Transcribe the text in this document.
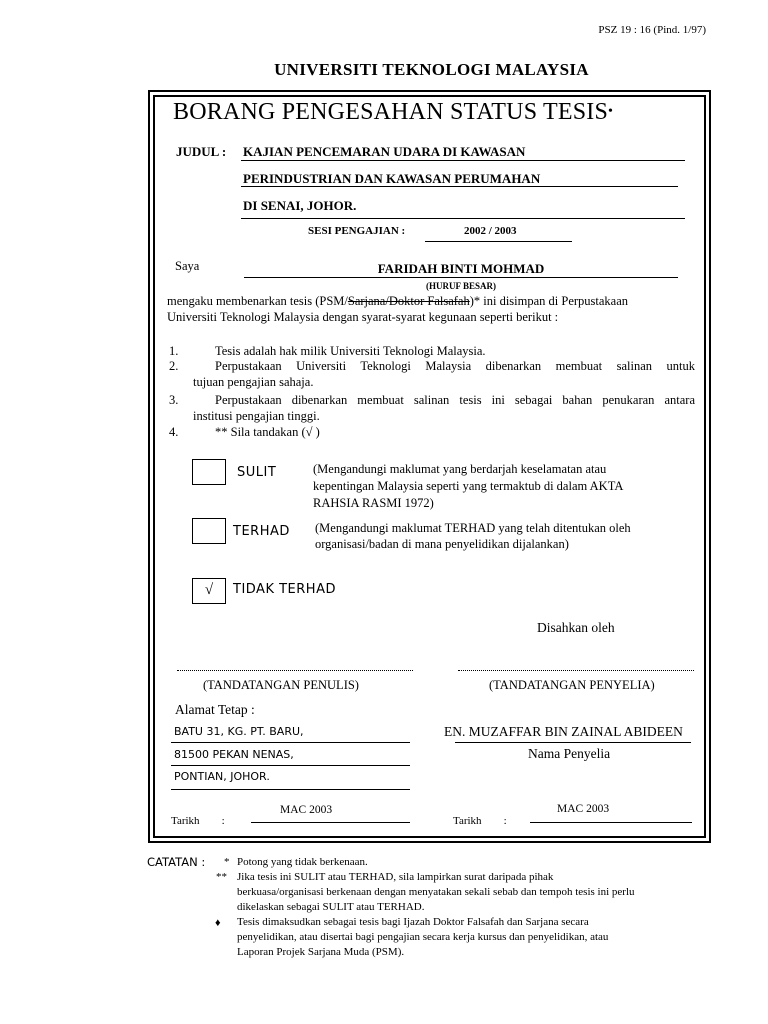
PSZ 19 : 16 (Pind. 1/97)
UNIVERSITI TEKNOLOGI MALAYSIA
BORANG PENGESAHAN STATUS TESIS•
JUDUL : KAJIAN PENCEMARAN UDARA DI KAWASAN
PERINDUSTRIAN DAN KAWASAN PERUMAHAN
DI SENAI, JOHOR.
SESI PENGAJIAN :	2002 / 2003
Saya	FARIDAH BINTI MOHMAD
(HURUF BESAR)
mengaku membenarkan tesis (PSM/Sarjana/Doktor Falsafah)* ini disimpan di Perpustakaan
Universiti Teknologi Malaysia dengan syarat-syarat kegunaan seperti berikut :
1.	Tesis adalah hak milik Universiti Teknologi Malaysia.
2.	Perpustakaan Universiti Teknologi Malaysia dibenarkan membuat salinan untuk
tujuan pengajian sahaja.
3.	Perpustakaan dibenarkan membuat salinan tesis ini sebagai bahan penukaran antara
institusi pengajian tinggi.
4.	** Sila tandakan (√ )
SULIT	(Mengandungi maklumat yang berdarjah keselamatan atau
kepentingan Malaysia seperti yang termaktub di dalam AKTA
RAHSIA RASMI 1972)
TERHAD (Mengandungi maklumat TERHAD yang telah ditentukan oleh
organisasi/badan di mana penyelidikan dijalankan)
√	TIDAK TERHAD
Disahkan oleh
(TANDATANGAN PENULIS)	(TANDATANGAN PENYELIA)
Alamat Tetap :
BATU 31, KG. PT. BARU,
81500 PEKAN NENAS,
PONTIAN, JOHOR.
EN. MUZAFFAR BIN ZAINAL ABIDEEN
Nama Penyelia
Tarikh :
MAC 2003
Tarikh :
MAC 2003
CATATAN : * Potong yang tidak berkenaan.
** Jika tesis ini SULIT atau TERHAD, sila lampirkan surat daripada pihak
berkuasa/organisasi berkenaan dengan menyatakan sekali sebab dan tempoh tesis ini perlu
dikelaskan sebagai SULIT atau TERHAD.
♦ Tesis dimaksudkan sebagai tesis bagi Ijazah Doktor Falsafah dan Sarjana secara
penyelidikan, atau disertai bagi pengajian secara kerja kursus dan penyelidikan, atau
Laporan Projek Sarjana Muda (PSM).
